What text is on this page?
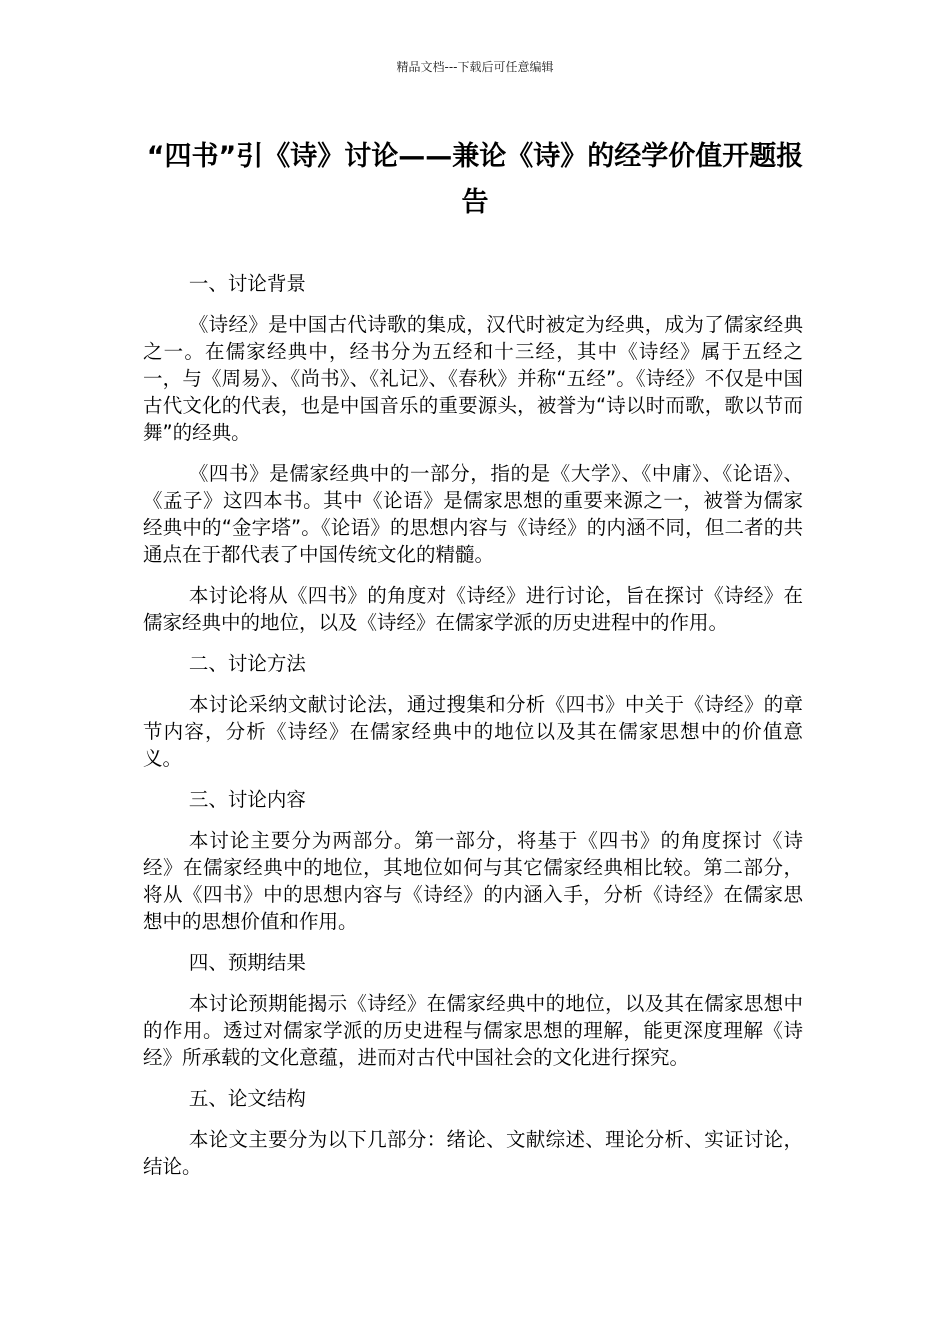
精品文档---下载后可任意编辑
“四书”引《诗》讨论——兼论《诗》的经学价值开题报告
一、讨论背景
《诗经》是中国古代诗歌的集成，汉代时被定为经典，成为了儒家经典之一。在儒家经典中，经书分为五经和十三经，其中《诗经》属于五经之一，与《周易》、《尚书》、《礼记》、《春秋》并称“五经”。《诗经》不仅是中国古代文化的代表，也是中国音乐的重要源头，被誉为“诗以时而歌，歌以节而舞”的经典。
《四书》是儒家经典中的一部分，指的是《大学》、《中庸》、《论语》、《孟子》这四本书。其中《论语》是儒家思想的重要来源之一，被誉为儒家经典中的“金字塔”。《论语》的思想内容与《诗经》的内涵不同，但二者的共通点在于都代表了中国传统文化的精髓。
本讨论将从《四书》的角度对《诗经》进行讨论，旨在探讨《诗经》在儒家经典中的地位，以及《诗经》在儒家学派的历史进程中的作用。
二、讨论方法
本讨论采纳文献讨论法，通过搜集和分析《四书》中关于《诗经》的章节内容，分析《诗经》在儒家经典中的地位以及其在儒家思想中的价值意义。
三、讨论内容
本讨论主要分为两部分。第一部分，将基于《四书》的角度探讨《诗经》在儒家经典中的地位，其地位如何与其它儒家经典相比较。第二部分，将从《四书》中的思想内容与《诗经》的内涵入手，分析《诗经》在儒家思想中的思想价值和作用。
四、预期结果
本讨论预期能揭示《诗经》在儒家经典中的地位，以及其在儒家思想中的作用。透过对儒家学派的历史进程与儒家思想的理解，能更深度理解《诗经》所承载的文化意蕴，进而对古代中国社会的文化进行探究。
五、论文结构
本论文主要分为以下几部分：绪论、文献综述、理论分析、实证讨论，结论。
